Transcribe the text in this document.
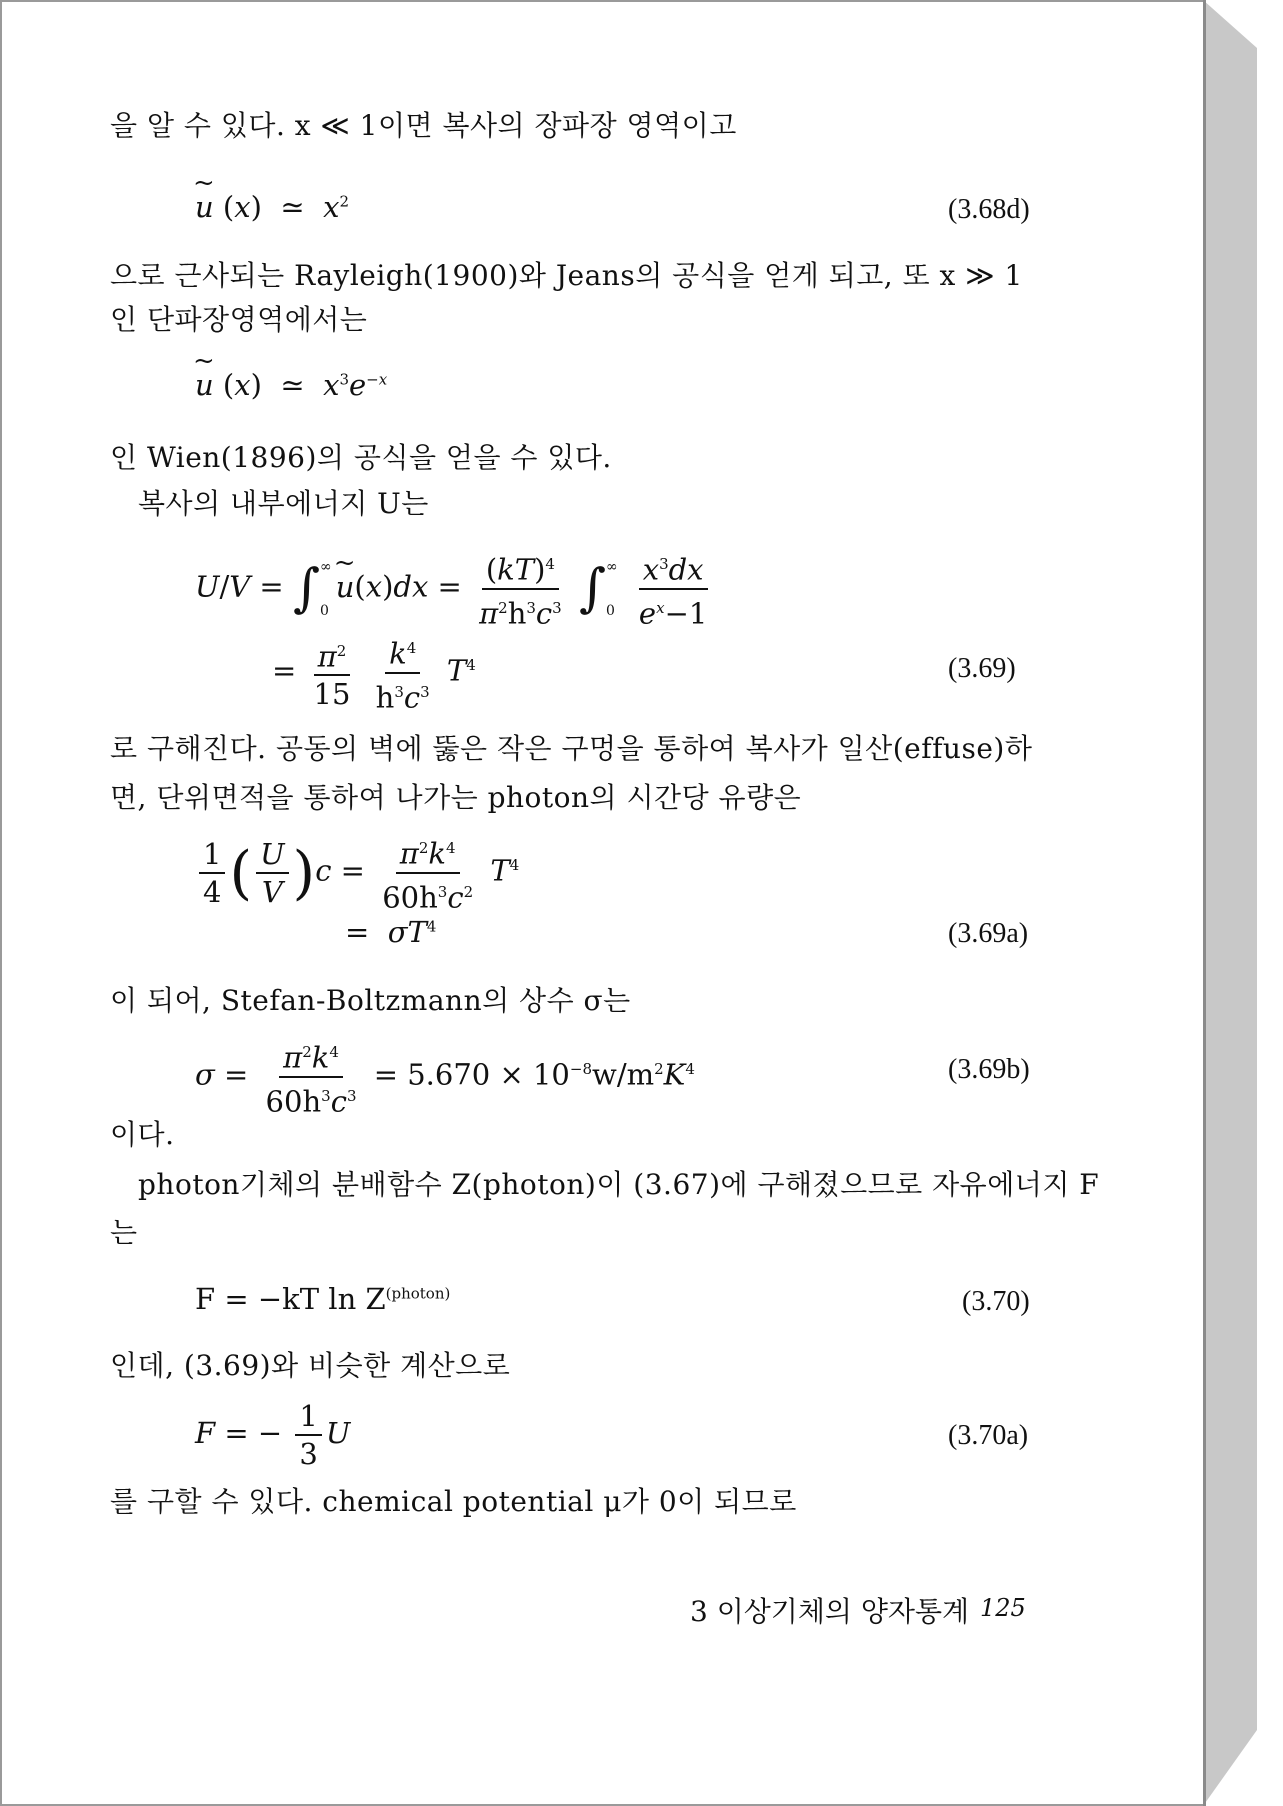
을 알 수 있다. x ≪ 1이면 복사의 장파장 영역이고
~ u (x)  ≃  $x^2$	(3.68d)
으로 근사되는 Rayleigh(1900)와 Jeans의 공식을 얻게 되고, 또 x ≫ 1
인 단파장영역에서는
~ u (x)  ≃  $x^3e^{-x}$
인 Wien(1896)의 공식을 얻을 수 있다.
복사의 내부에너지 U는
U/V = ∫ ∞
0
~ $u(x)dx = \frac{(kT)^4}{\pi^2h^3c^3}$ ∫ ∞
0
$\frac{x^3dx}{e^x-1}$
= $\frac{\pi^2}{15}$
$\frac{k^4}{h^3c^3} T^4$	(3.69)
로 구해진다. 공동의 벽에 뚫은 작은 구멍을 통하여 복사가 일산(effuse)하
면, 단위면적을 통하여 나가는 photon의 시간당 유량은
$\frac{1}{4}$ ( $\frac{U}{V} )c = \frac{\pi^2k^4}{60h^3c^2} T^4$
=  $\sigma T^4$	(3.69a)
이 되어, Stefan-Boltzmann의 상수 σ는
$\sigma = \frac{\pi^2k^4}{60h^3c^3} = 5.670 \times 10^{-8}w/m^2K^4$	(3.69b)
이다.
photon기체의 분배함수 Z(photon)이 (3.67)에 구해졌으므로 자유에너지 F
는
F = −kT $\ln Z^{(photon)}$	(3.70)
인데, (3.69)와 비슷한 계산으로
F = − $\frac{1}{3}$ U	(3.70a)
를 구할 수 있다. chemical potential μ가 0이 되므로
3 이상기체의 양자통계 125
